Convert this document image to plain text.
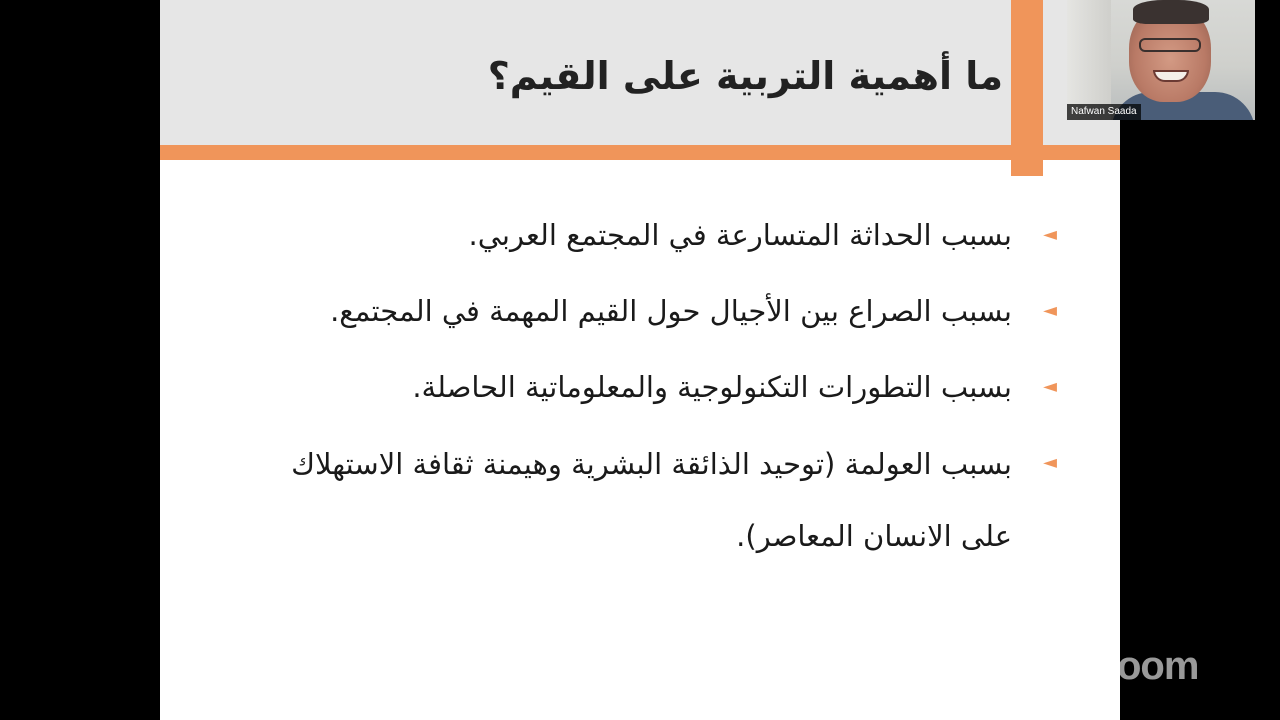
ما أهمية التربية على القيم؟
◄
بسبب الحداثة المتسارعة في المجتمع العربي.
◄
بسبب الصراع بين الأجيال حول القيم المهمة في المجتمع.
◄
بسبب التطورات التكنولوجية والمعلوماتية الحاصلة.
◄
بسبب العولمة (توحيد الذائقة البشرية وهيمنة ثقافة الاستهلاك على الانسان المعاصر).
Nafwan Saada
zoom
